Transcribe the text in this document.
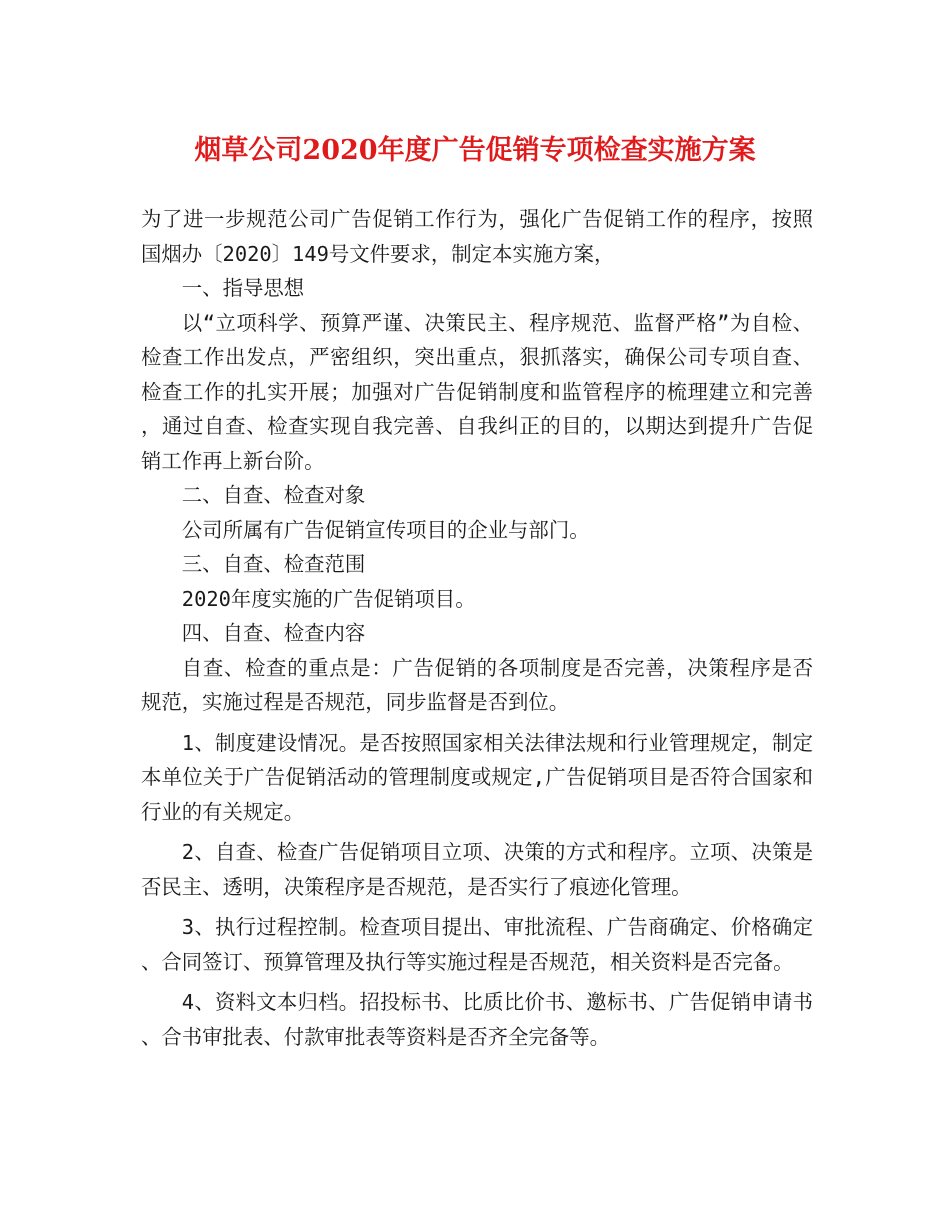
烟草公司2020年度广告促销专项检查实施方案

为了进一步规范公司广告促销工作行为，强化广告促销工作的程序，按照国烟办〔2020〕149号文件要求，制定本实施方案，

一、指导思想

以“立项科学、预算严谨、决策民主、程序规范、监督严格”为自检、检查工作出发点，严密组织，突出重点，狠抓落实，确保公司专项自查、检查工作的扎实开展；加强对广告促销制度和监管程序的梳理建立和完善，通过自查、检查实现自我完善、自我纠正的目的，以期达到提升广告促销工作再上新台阶。

二、自查、检查对象

公司所属有广告促销宣传项目的企业与部门。

三、自查、检查范围

2020年度实施的广告促销项目。

四、自查、检查内容

自查、检查的重点是：广告促销的各项制度是否完善，决策程序是否规范，实施过程是否规范，同步监督是否到位。

1、制度建设情况。是否按照国家相关法律法规和行业管理规定，制定本单位关于广告促销活动的管理制度或规定,广告促销项目是否符合国家和行业的有关规定。

2、自查、检查广告促销项目立项、决策的方式和程序。立项、决策是否民主、透明，决策程序是否规范，是否实行了痕迹化管理。

3、执行过程控制。检查项目提出、审批流程、广告商确定、价格确定、合同签订、预算管理及执行等实施过程是否规范，相关资料是否完备。

4、资料文本归档。招投标书、比质比价书、邀标书、广告促销申请书、合书审批表、付款审批表等资料是否齐全完备等。
